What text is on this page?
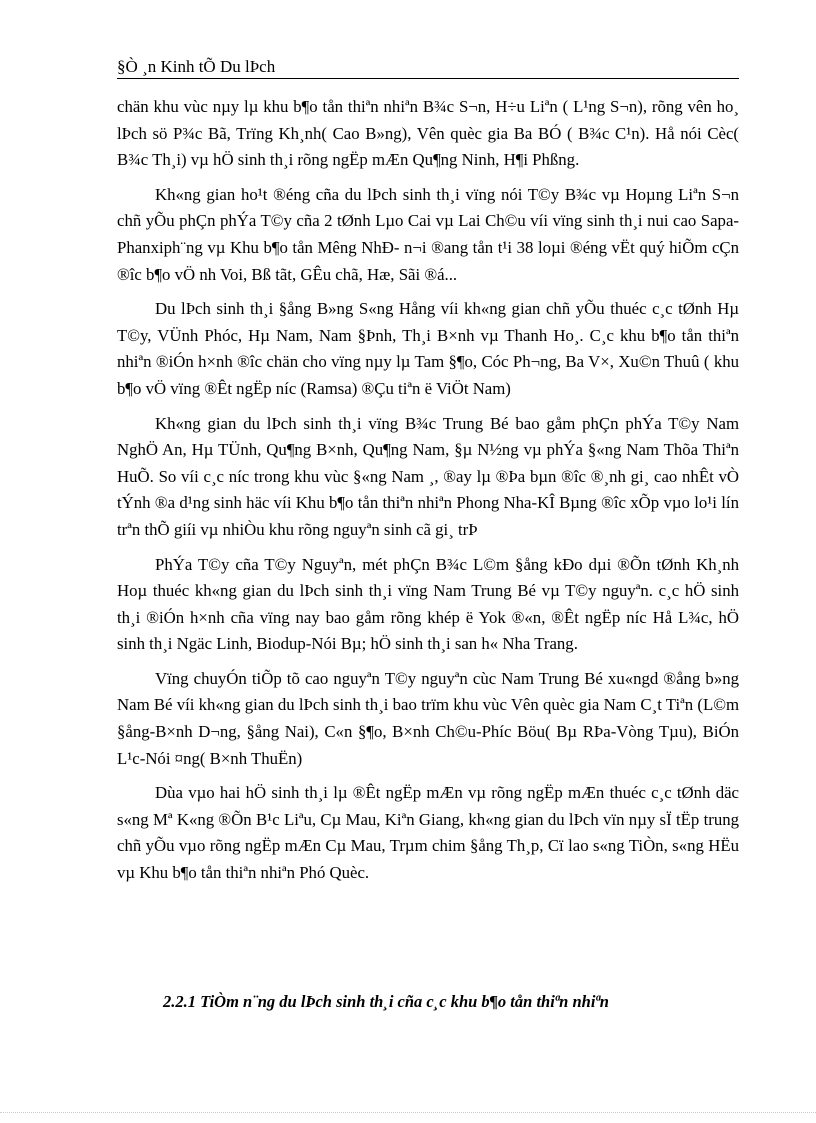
§Ò ¸n Kinh tÕ Du lÞch

chän khu vùc nµy lµ khu b¶o tån thiªn nhiªn B¾c S¬n, H÷u Liªn ( L¹ng S¬n), rõng vên ho¸ lÞch sö P¾c Bã, Trïng Kh¸nh( Cao B»ng), Vên quèc gia Ba BÓ ( B¾c C¹n). Hå nói Cèc( B¾c Th¸i) vµ hÖ sinh th¸i rõng ngËp mÆn Qu¶ng Ninh, H¶i Phßng.

Kh«ng gian ho¹t ®éng cña du lÞch sinh th¸i vïng nói T©y B¾c vµ Hoµng Liªn S¬n chñ yÕu phÇn phÝa T©y cña 2 tØnh Lµo Cai vµ Lai Ch©u víi vïng sinh th¸i nui cao Sapa-Phanxiph¨ng vµ Khu b¶o tån Mêng NhÐ- n¬i ®ang tån t¹i 38 loµi ®éng vËt quý hiÕm cÇn ®îc b¶o vÖ nh Voi, Bß tãt, GÊu chã, Hæ, Sãi ®á...

Du lÞch sinh th¸i §ång B»ng S«ng Hång víi kh«ng gian chñ yÕu thuéc c¸c tØnh Hµ T©y, VÜnh Phóc, Hµ Nam, Nam §Þnh, Th¸i B×nh vµ Thanh Ho¸. C¸c khu b¶o tån thiªn nhiªn ®iÓn h×nh ®îc chän cho vïng nµy lµ Tam §¶o, Cóc Ph¬ng, Ba V×, Xu©n Thuû ( khu b¶o vÖ vïng ®Êt ngËp níc (Ramsa) ®Çu tiªn ë ViÖt Nam)

Kh«ng gian du lÞch sinh th¸i vïng B¾c Trung Bé bao gåm phÇn phÝa T©y Nam NghÖ An, Hµ TÜnh, Qu¶ng B×nh, Qu¶ng Nam, §µ N½ng vµ phÝa §«ng Nam Thõa Thiªn HuÕ. So víi c¸c níc trong khu vùc §«ng Nam ¸, ®ay lµ ®Þa bµn ®îc ®¸nh gi¸ cao nhÊt vÒ tÝnh ®a d¹ng sinh häc víi Khu b¶o tån thiªn nhiªn Phong Nha-KÎ Bµng ®îc xÕp vµo lo¹i lín trªn thÕ giíi vµ nhiÒu khu rõng nguyªn sinh cã gi¸ trÞ

PhÝa T©y cña T©y Nguyªn, mét phÇn B¾c L©m §ång kÐo dµi ®Õn tØnh Kh¸nh Hoµ thuéc kh«ng gian du lÞch sinh th¸i vïng Nam Trung Bé vµ T©y nguyªn. c¸c hÖ sinh th¸i ®iÓn h×nh cña vïng nay bao gåm rõng khép ë Yok ®«n, ®Êt ngËp níc Hå L¾c, hÖ sinh th¸i Ngäc Linh, Biodup-Nói Bµ; hÖ sinh th¸i san h« Nha Trang.

Vïng chuyÓn tiÕp tõ cao nguyªn T©y nguyªn cùc Nam Trung Bé xu«ngd ®ång b»ng Nam Bé víi kh«ng gian du lÞch sinh th¸i bao trïm khu vùc Vên quèc gia Nam C¸t Tiªn (L©m §ång-B×nh D¬ng, §ång Nai), C«n §¶o, B×nh Ch©u-Phíc Böu( Bµ RÞa-Vòng Tµu), BiÓn L¹c-Nói ¤ng( B×nh ThuËn)

Dùa vµo hai hÖ sinh th¸i lµ ®Êt ngËp mÆn vµ rõng ngËp mÆn thuéc c¸c tØnh däc s«ng Mª K«ng ®Õn B¹c Liªu, Cµ Mau, Kiªn Giang, kh«ng gian du lÞch vïn nµy sÏ tËp trung chñ yÕu vµo rõng ngËp mÆn Cµ Mau, Trµm chim §ång Th¸p, Cï lao s«ng TiÒn, s«ng HËu vµ Khu b¶o tån thiªn nhiªn Phó Quèc.

2.2.1 TiÒm n¨ng du lÞch sinh th¸i cña c¸c khu b¶o tån thiªn nhiªn
